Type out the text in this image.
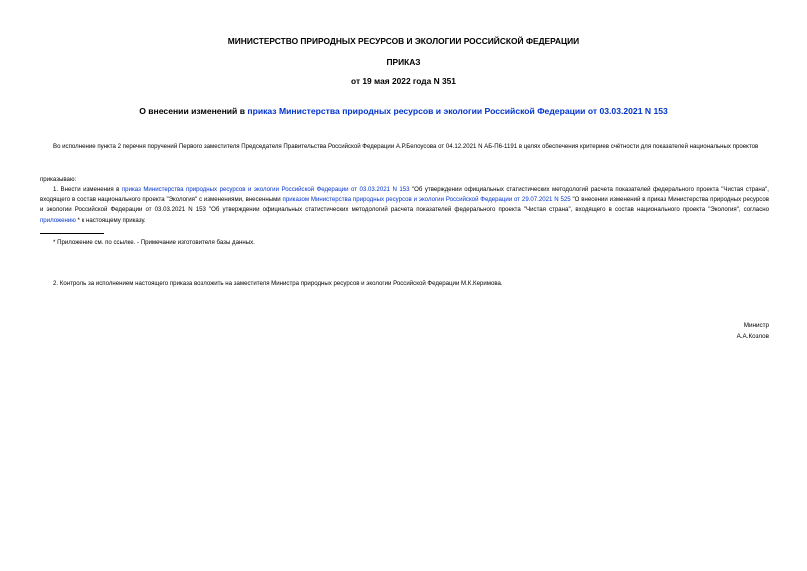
МИНИСТЕРСТВО ПРИРОДНЫХ РЕСУРСОВ И ЭКОЛОГИИ РОССИЙСКОЙ ФЕДЕРАЦИИ
ПРИКАЗ
от 19 мая 2022 года N 351
О внесении изменений в приказ Министерства природных ресурсов и экологии Российской Федерации от 03.03.2021 N 153
Во исполнение пункта 2 перечня поручений Первого заместителя Председателя Правительства Российской Федерации А.Р.Белоусова от 04.12.2021 N АБ-П6-1191 в целях обеспечения критериев счётности для показателей национальных проектов
приказываю:
1. Внести изменения в приказ Министерства природных ресурсов и экологии Российской Федерации от 03.03.2021 N 153 "Об утверждении официальных статистических методологий расчета показателей федерального проекта "Чистая страна", входящего в состав национального проекта "Экология" с изменениями, внесенными приказом Министерства природных ресурсов и экологии Российской Федерации от 29.07.2021 N 525 "О внесении изменений в приказ Министерства природных ресурсов и экологии Российской Федерации от 03.03.2021 N 153 "Об утверждении официальных статистических методологий расчета показателей федерального проекта "Чистая страна", входящего в состав национального проекта "Экология", согласно приложению * к настоящему приказу.
* Приложение см. по ссылке. - Примечание изготовителя базы данных.
2. Контроль за исполнением настоящего приказа возложить на заместителя Министра природных ресурсов и экологии Российской Федерации М.К.Керимова.
Министр
А.А.Козлов
